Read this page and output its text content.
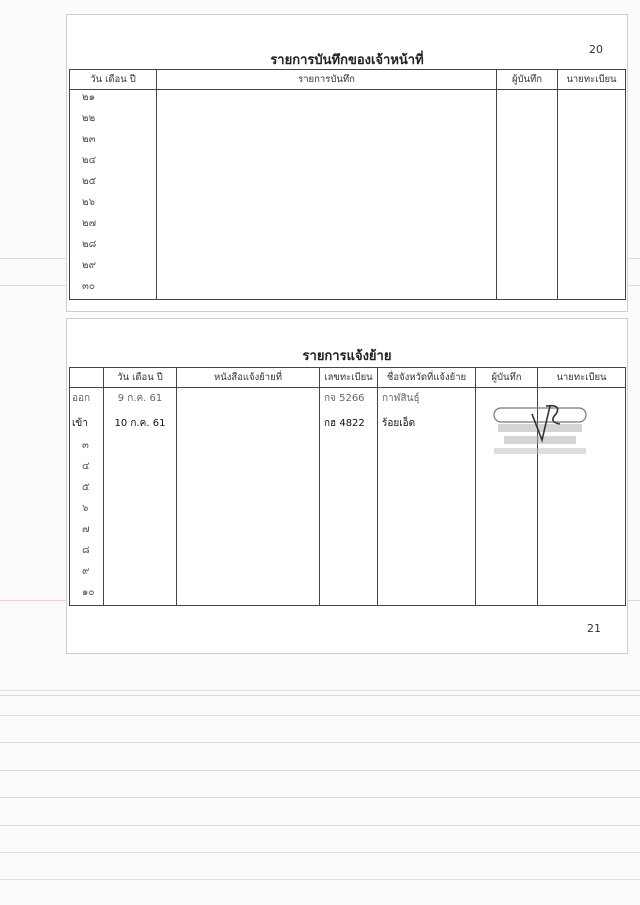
20
รายการบันทึกของเจ้าหน้าที่
วัน เดือน ปี	รายการบันทึก	ผู้บันทึก	นายทะเบียน
๒๑			
๒๒			
๒๓			
๒๔			
๒๕			
๒๖			
๒๗			
๒๘			
๒๙			
๓๐			
รายการแจ้งย้าย
	วัน เดือน ปี	หนังสือแจ้งย้ายที่	เลขทะเบียน	ชื่อจังหวัดที่แจ้งย้าย	ผู้บันทึก	นายทะเบียน
ออก	9 ก.ค. 61		กจ 5266	กาฬสินธุ์		
เข้า	10 ก.ค. 61		กฮ 4822	ร้อยเอ็ด		
๓						
๔						
๕						
๖						
๗						
๘						
๙						
๑๐						
21
